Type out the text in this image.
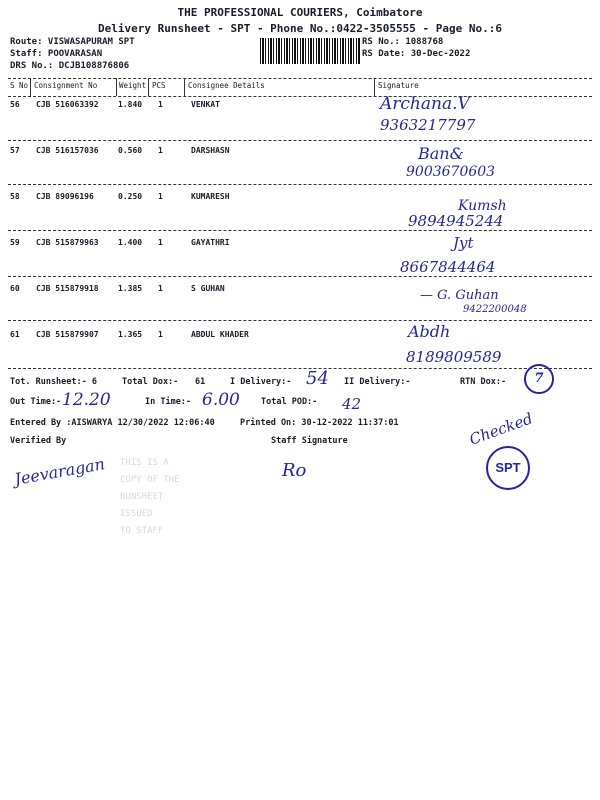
THE PROFESSIONAL COURIERS, Coimbatore
Delivery Runsheet - SPT - Phone No.:0422-3505555 - Page No.:6
Route: VISWASAPURAM SPT
Staff: POOVARASAN
DRS No.: DCJB108876806
RS No.: 1088768
RS Date: 30-Dec-2022
S No Consignment No	Weight PCS	Consignee Details	Signature
56 CJB 516063392 1.840 1	VENKAT	Archana.V
9363217797
57 CJB 516157036 0.560 1	DARSHASN	Ban&
9003670603
58 CJB 89096196	0.250 1	KUMARESH
Kumsh
9894945244
59 CJB 515879963 1.400 1	GAYATHRI	Jyt
8667844464
60 CJB 515879918 1.385 1	S GUHAN	— G. Guhan
9422200048
61 CJB 515879907 1.365 1	ABDUL KHADER	Abdh
8189809589
Tot. Runsheet:- 6	Total Dox:- 61	I Delivery:- 54 II Delivery:-	RTN Dox:-	7
Out Time:- 12.20	In Time:- 6.00 Total POD:- 42
Entered By :AISWARYA 12/30/2022 12:06:40	Printed On: 30-12-2022 11:37:01
Verified By	Staff Signature
Jeevaragan	Ro
Checked
SPT
THIS IS A
COPY OF THE
RUNSHEET
ISSUED
TO STAFF
